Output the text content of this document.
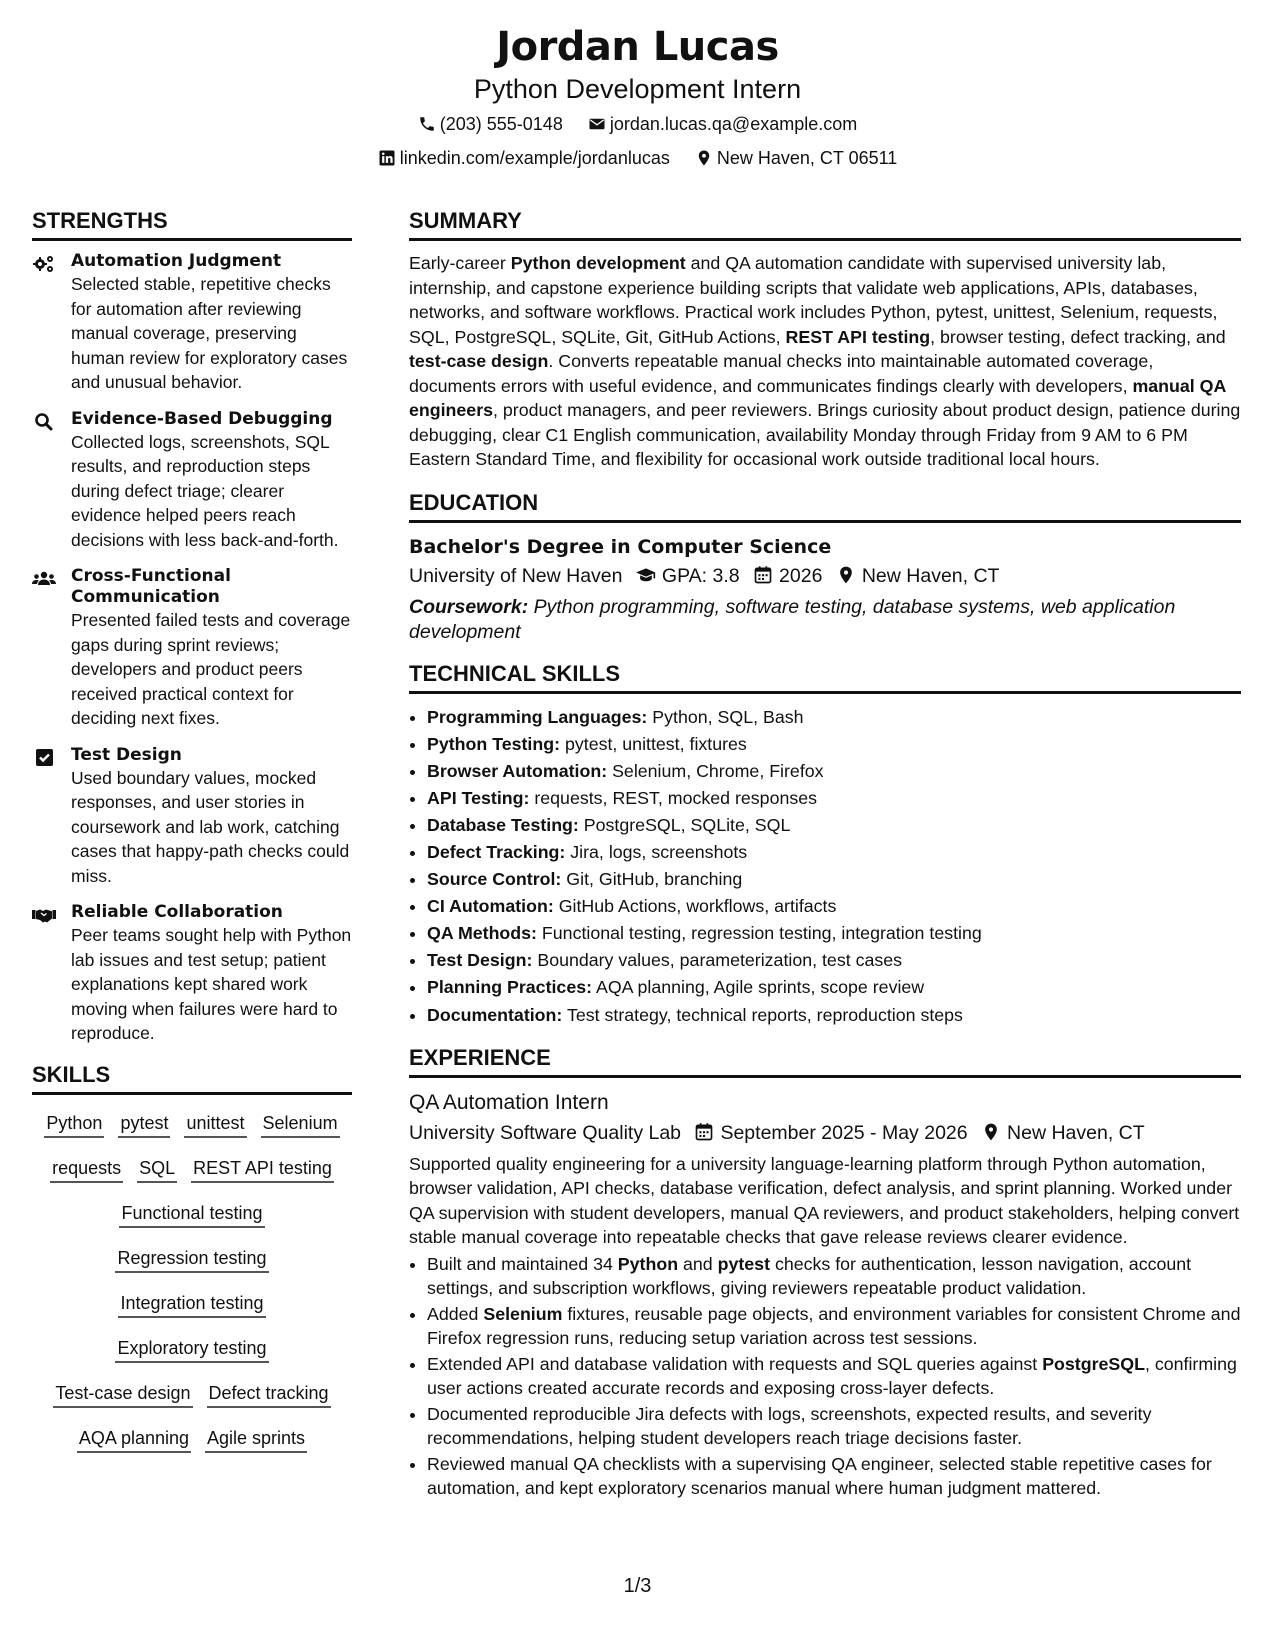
Jordan Lucas
Python Development Intern
(203) 555-0148	jordan.lucas.qa@example.com
linkedin.com/example/jordanlucas	New Haven, CT 06511
STRENGTHS
Automation Judgment
Selected stable, repetitive checks for automation after reviewing manual coverage, preserving human review for exploratory cases and unusual behavior.
Evidence-Based Debugging
Collected logs, screenshots, SQL results, and reproduction steps during defect triage; clearer evidence helped peers reach decisions with less back-and-forth.
Cross-Functional Communication
Presented failed tests and coverage gaps during sprint reviews; developers and product peers received practical context for deciding next fixes.
Test Design
Used boundary values, mocked responses, and user stories in coursework and lab work, catching cases that happy-path checks could miss.
Reliable Collaboration
Peer teams sought help with Python lab issues and test setup; patient explanations kept shared work moving when failures were hard to reproduce.
SKILLS
Python pytest unittest Selenium
requests SQL REST API testing
Functional testing
Regression testing
Integration testing
Exploratory testing
Test-case design Defect tracking
AQA planning Agile sprints
SUMMARY

Early-career Python development and QA automation candidate with supervised university lab, internship, and capstone experience building scripts that validate web applications, APIs, databases, networks, and software workflows. Practical work includes Python, pytest, unittest, Selenium, requests, SQL, PostgreSQL, SQLite, Git, GitHub Actions, REST API testing, browser testing, defect tracking, and test-case design. Converts repeatable manual checks into maintainable automated coverage, documents errors with useful evidence, and communicates findings clearly with developers, manual QA engineers, product managers, and peer reviewers. Brings curiosity about product design, patience during debugging, clear C1 English communication, availability Monday through Friday from 9 AM to 6 PM Eastern Standard Time, and flexibility for occasional work outside traditional local hours.

EDUCATION
Bachelor's Degree in Computer Science
University of New Haven GPA: 3.8 2026 New Haven, CT
Coursework: Python programming, software testing, database systems, web application development
TECHNICAL SKILLS
• Programming Languages: Python, SQL, Bash
• Python Testing: pytest, unittest, fixtures
• Browser Automation: Selenium, Chrome, Firefox
• API Testing: requests, REST, mocked responses
• Database Testing: PostgreSQL, SQLite, SQL
• Defect Tracking: Jira, logs, screenshots
• Source Control: Git, GitHub, branching
• CI Automation: GitHub Actions, workflows, artifacts
• QA Methods: Functional testing, regression testing, integration testing
• Test Design: Boundary values, parameterization, test cases
• Planning Practices: AQA planning, Agile sprints, scope review
• Documentation: Test strategy, technical reports, reproduction steps
EXPERIENCE
QA Automation Intern
University Software Quality Lab September 2025 - May 2026 New Haven, CT

Supported quality engineering for a university language-learning platform through Python automation, browser validation, API checks, database verification, defect analysis, and sprint planning. Worked under QA supervision with student developers, manual QA reviewers, and product stakeholders, helping convert stable manual coverage into repeatable checks that gave release reviews clearer evidence.

• Built and maintained 34 Python and pytest checks for authentication, lesson navigation, account settings, and subscription workflows, giving reviewers repeatable product validation.
• Added Selenium fixtures, reusable page objects, and environment variables for consistent Chrome and Firefox regression runs, reducing setup variation across test sessions.
• Extended API and database validation with requests and SQL queries against PostgreSQL, confirming user actions created accurate records and exposing cross-layer defects.
• Documented reproducible Jira defects with logs, screenshots, expected results, and severity recommendations, helping student developers reach triage decisions faster.
• Reviewed manual QA checklists with a supervising QA engineer, selected stable repetitive cases for automation, and kept exploratory scenarios manual where human judgment mattered.
1/3
